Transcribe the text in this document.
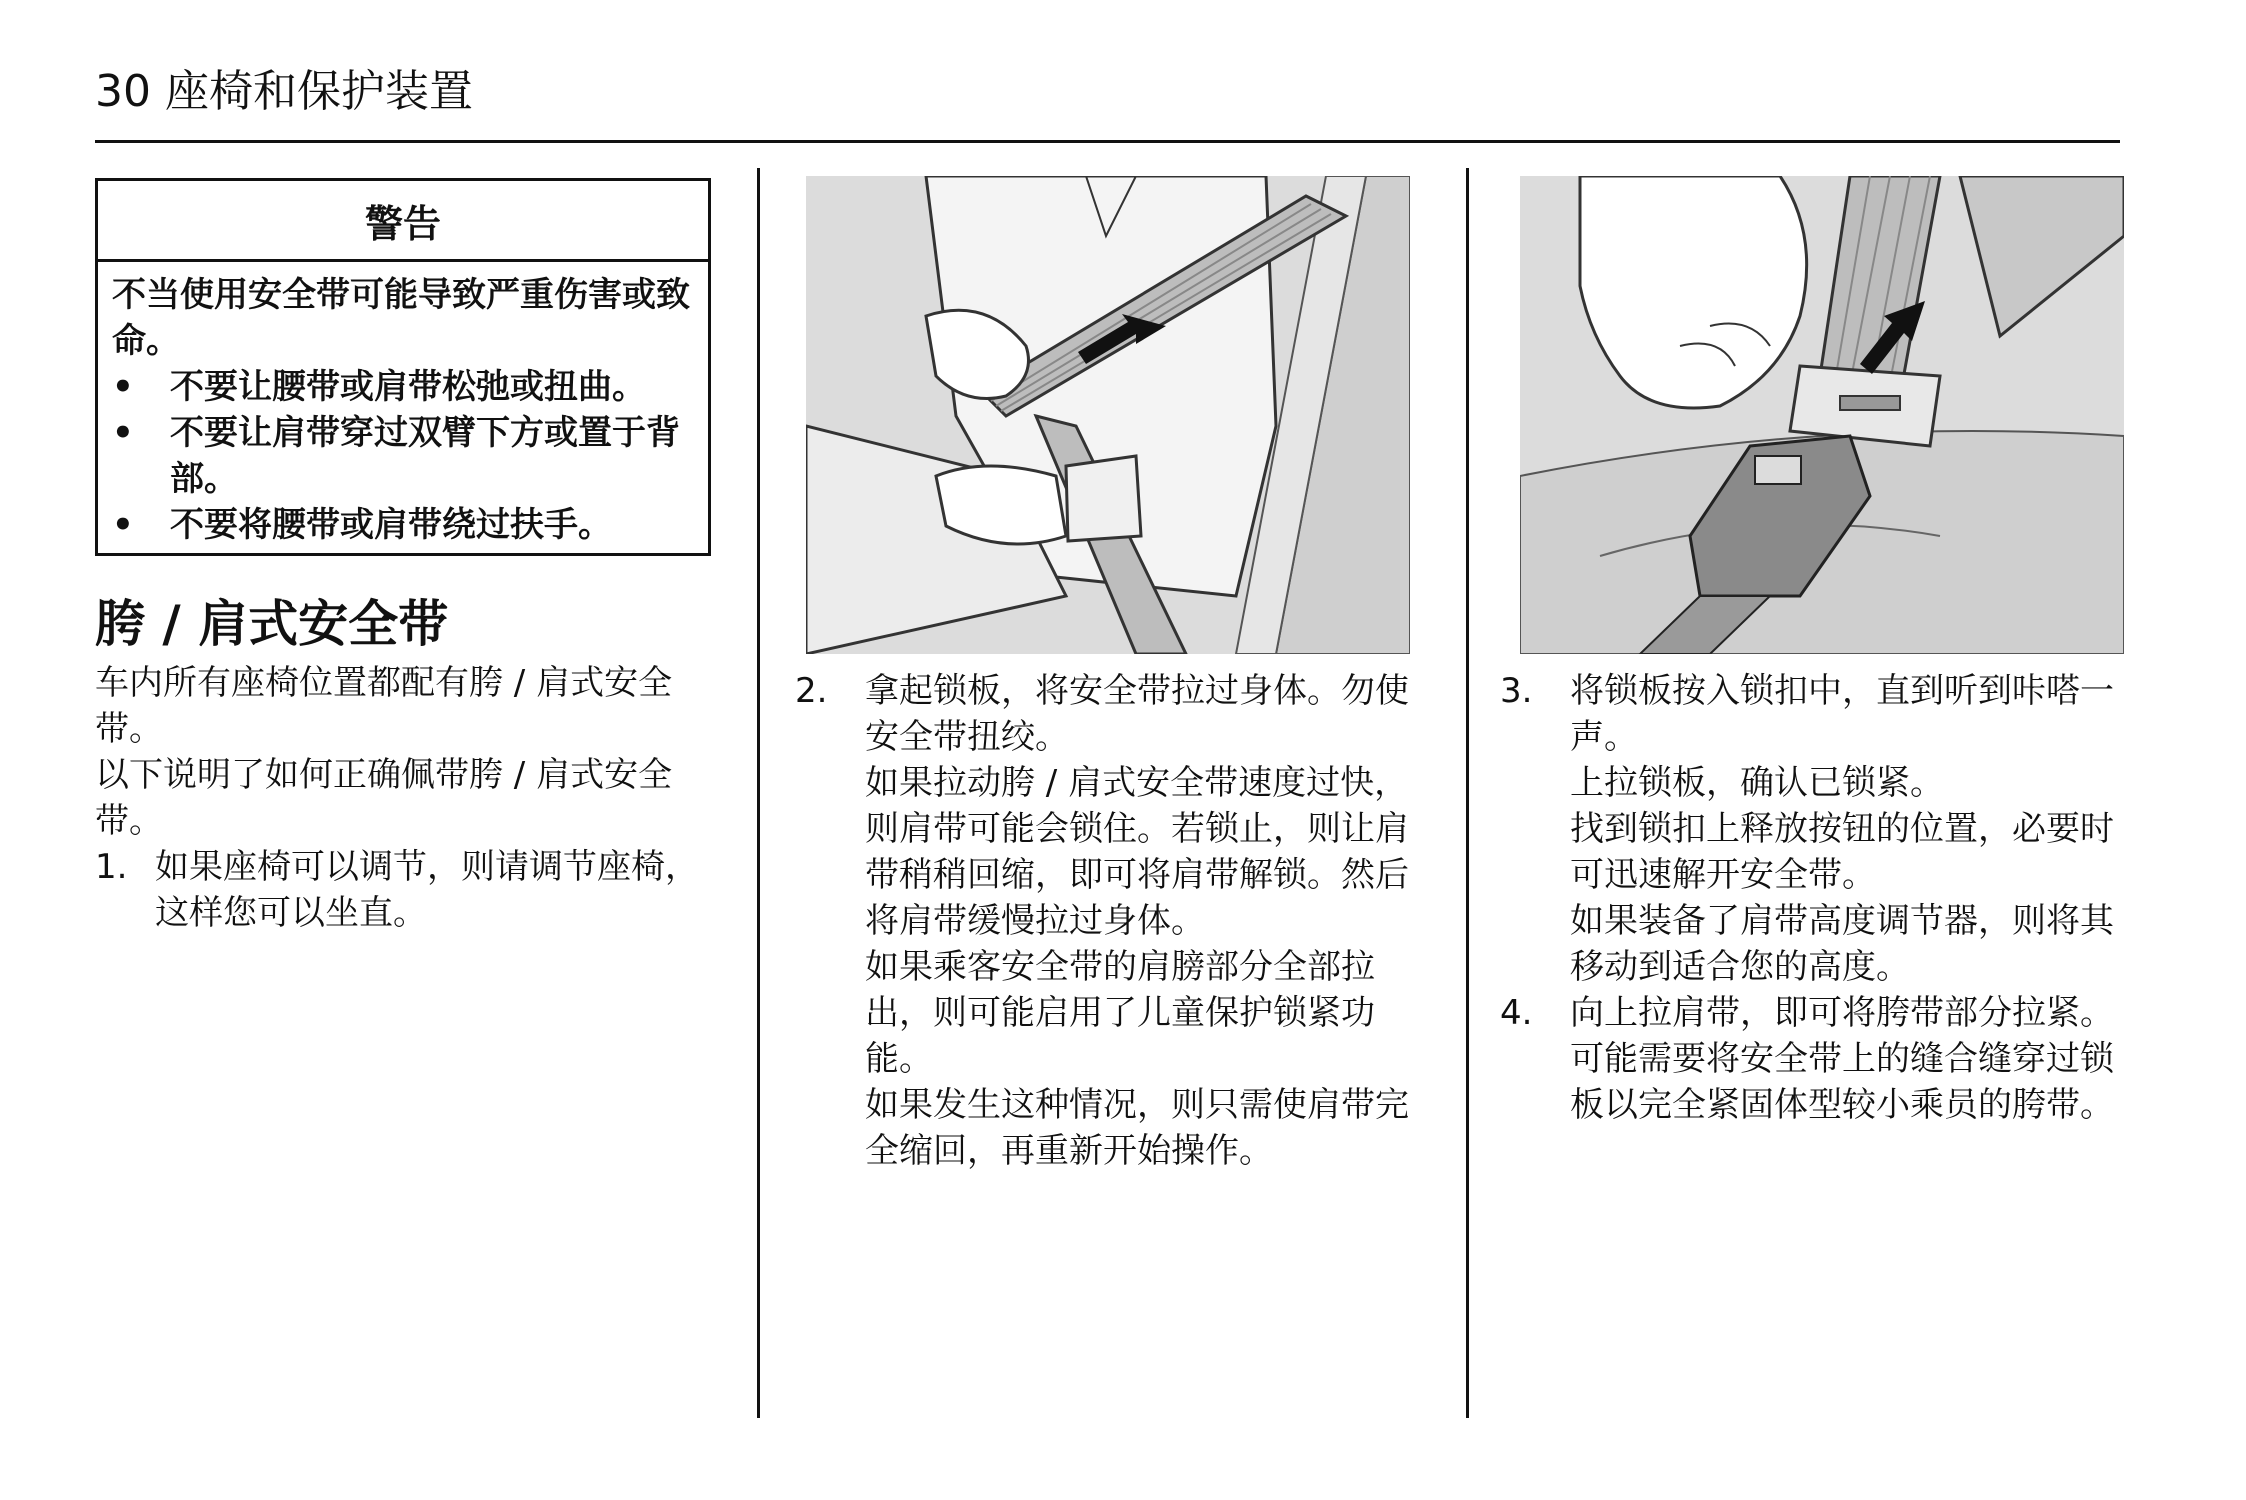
30 座椅和保护装置
警告
不当使用安全带可能导致严重伤害或致命。
•	不要让腰带或肩带松弛或扭曲。
•	不要让肩带穿过双臂下方或置于背部。
•	不要将腰带或肩带绕过扶手。
胯 / 肩式安全带

车内所有座椅位置都配有胯 / 肩式安全带。

以下说明了如何正确佩带胯 / 肩式安全带。

1. 如果座椅可以调节，则请调节座椅，这样您可以坐直。
2.	拿起锁板，将安全带拉过身体。勿使安全带扭绞。

如果拉动胯 / 肩式安全带速度过快，则肩带可能会锁住。若锁止，则让肩带稍稍回缩，即可将肩带解锁。然后将肩带缓慢拉过身体。

如果乘客安全带的肩膀部分全部拉出，则可能启用了儿童保护锁紧功能。

如果发生这种情况，则只需使肩带完全缩回，再重新开始操作。

3.	将锁板按入锁扣中，直到听到咔嗒一声。

上拉锁板，确认已锁紧。

找到锁扣上释放按钮的位置，必要时可迅速解开安全带。

如果装备了肩带高度调节器，则将其移动到适合您的高度。

4.	向上拉肩带，即可将胯带部分拉紧。

可能需要将安全带上的缝合缝穿过锁板以完全紧固体型较小乘员的胯带。
